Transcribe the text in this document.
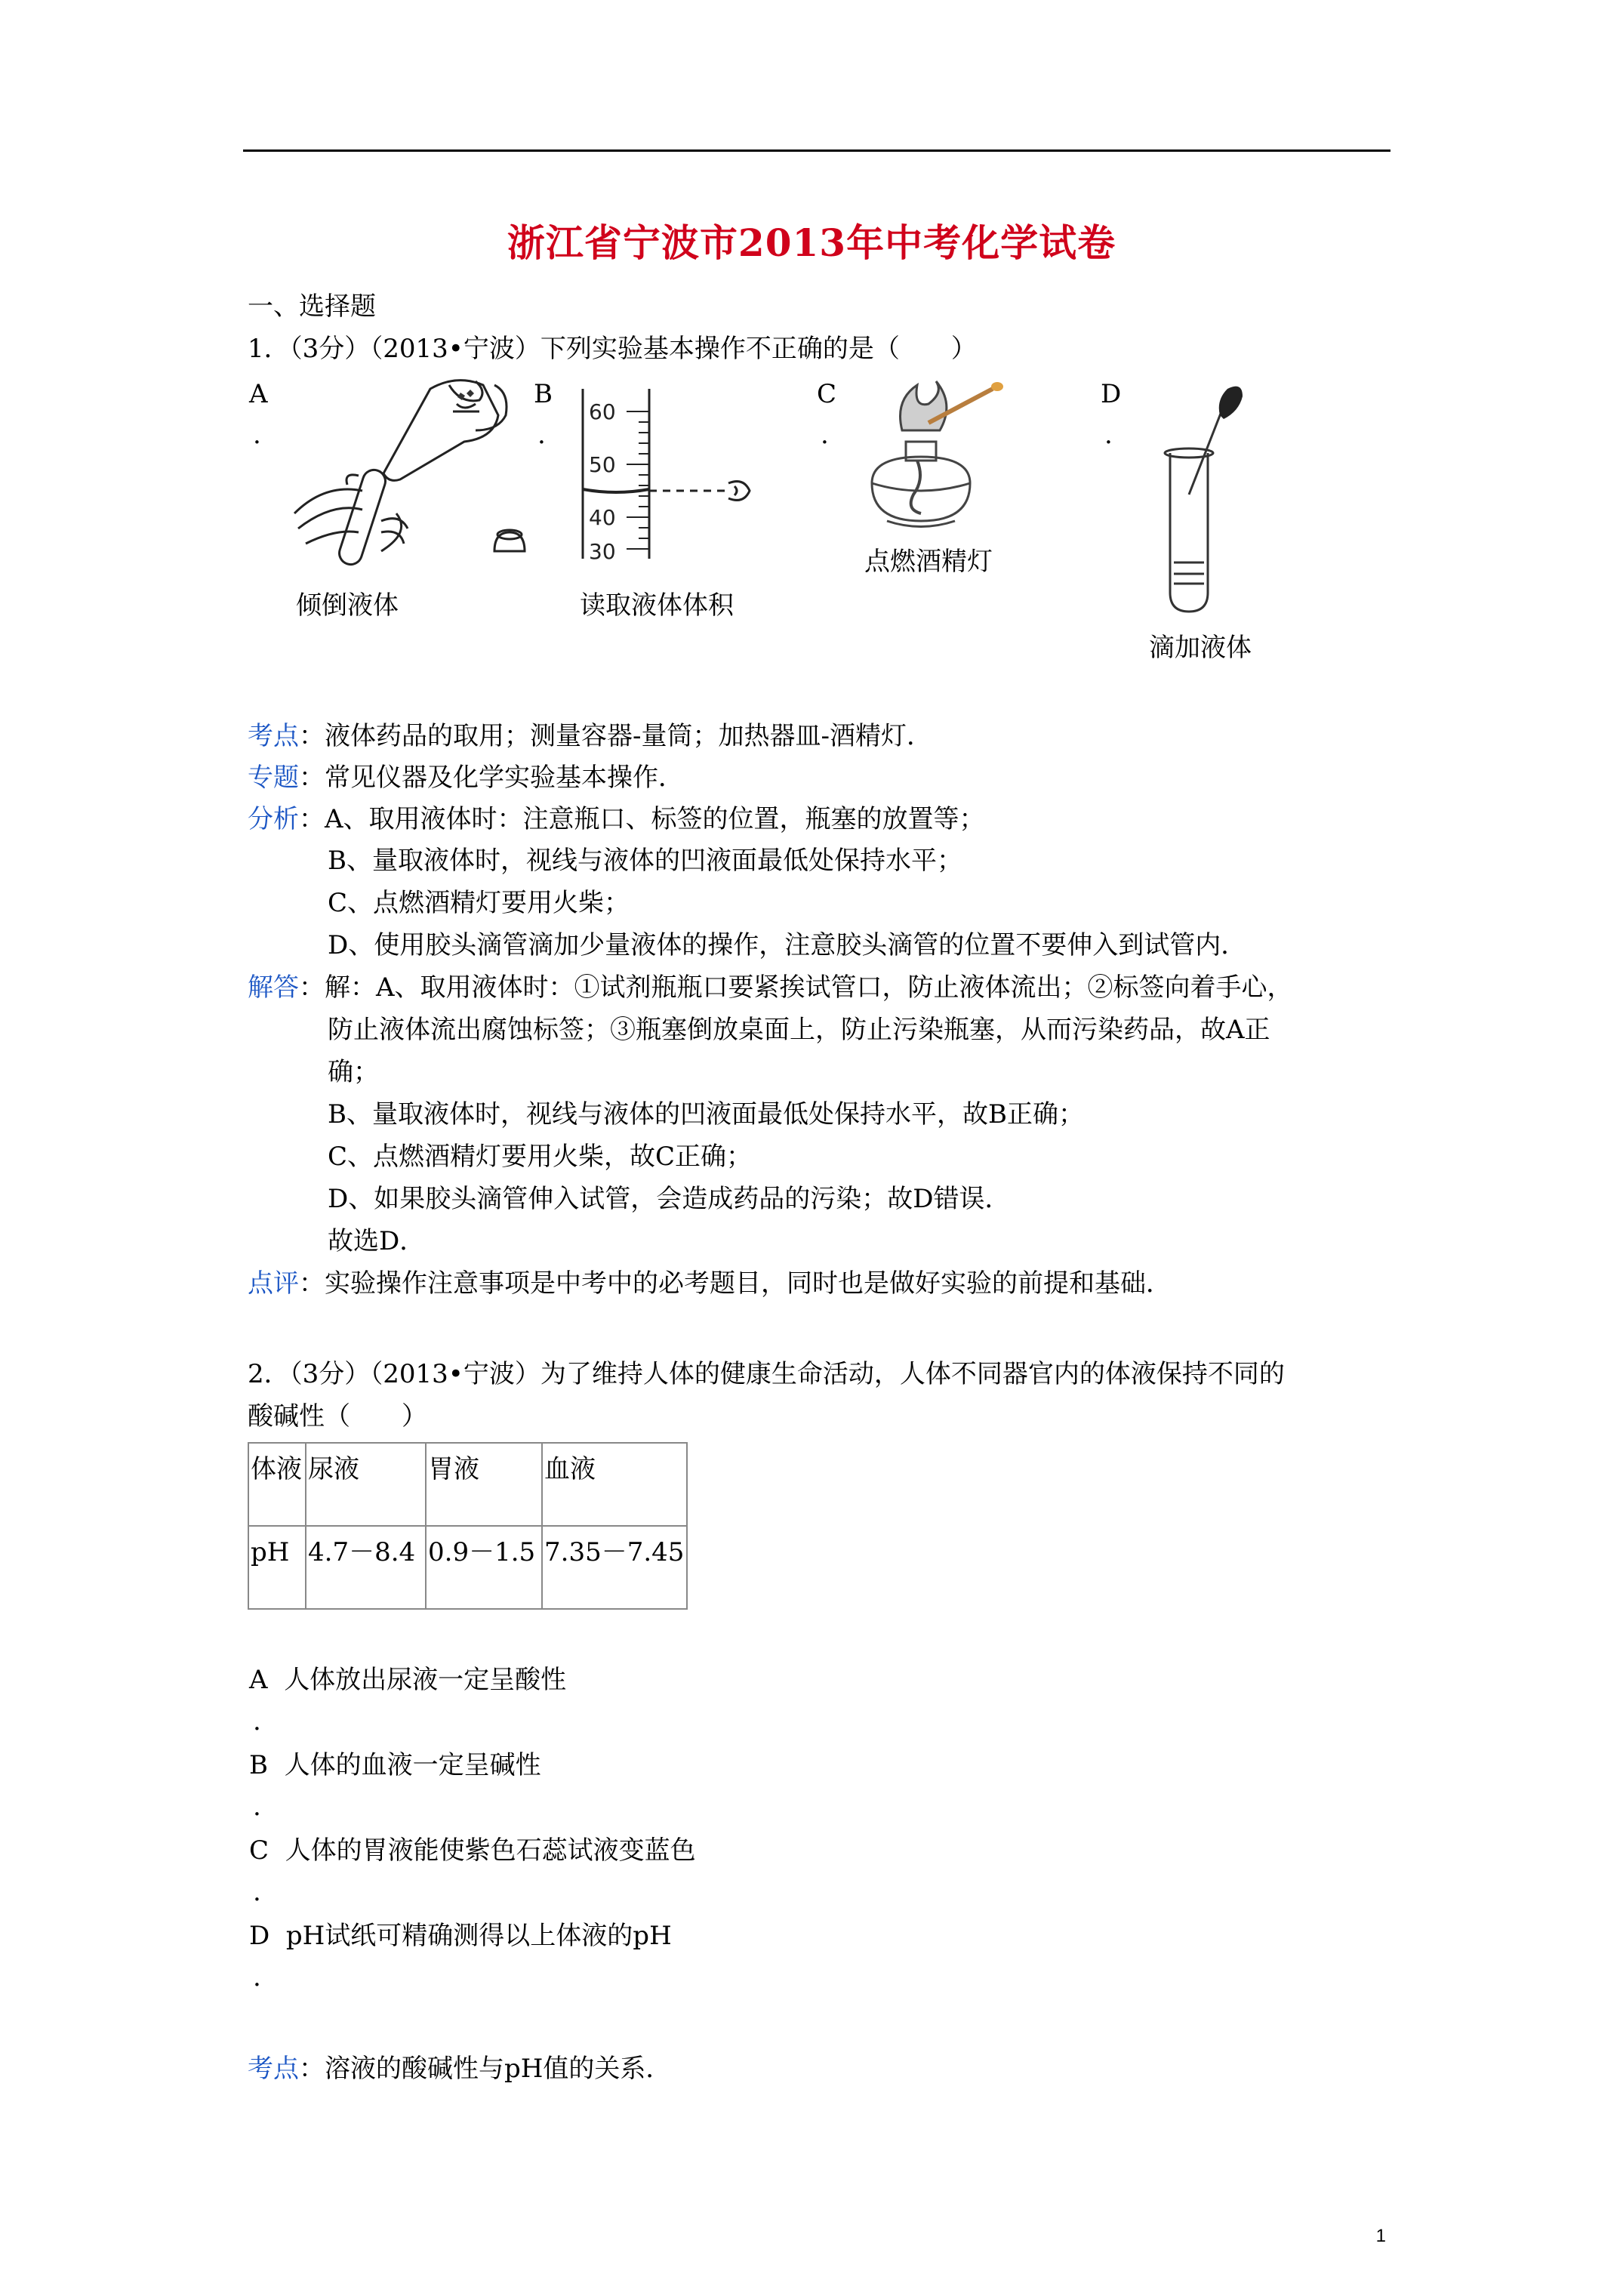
浙江省宁波市2013年中考化学试卷
一、选择题
1．（3分）（2013•宁波）下列实验基本操作不正确的是（　　）
A
.
B
.
C
.
D
.
倾倒液体
60
50
40
30
读取液体体积
点燃酒精灯
滴加液体
考点：液体药品的取用；测量容器-量筒；加热器皿-酒精灯．
专题：常见仪器及化学实验基本操作．
分析：A、取用液体时：注意瓶口、标签的位置，瓶塞的放置等；
B、量取液体时，视线与液体的凹液面最低处保持水平；
C、点燃酒精灯要用火柴；
D、使用胶头滴管滴加少量液体的操作，注意胶头滴管的位置不要伸入到试管内．
解答：解：A、取用液体时：①试剂瓶瓶口要紧挨试管口，防止液体流出；②标签向着手心，
防止液体流出腐蚀标签；③瓶塞倒放桌面上，防止污染瓶塞，从而污染药品，故A正
确；
B、量取液体时，视线与液体的凹液面最低处保持水平，故B正确；
C、点燃酒精灯要用火柴，故C正确；
D、如果胶头滴管伸入试管，会造成药品的污染；故D错误．
故选D．
点评：实验操作注意事项是中考中的必考题目，同时也是做好实验的前提和基础．
2．（3分）（2013•宁波）为了维持人体的健康生命活动，人体不同器官内的体液保持不同的
酸碱性（　　）
体液	尿液	胃液	血液
pH	4.7－8.4	0.9－1.5	7.35－7.45
A 人体放出尿液一定呈酸性
.
B 人体的血液一定呈碱性
.
C 人体的胃液能使紫色石蕊试液变蓝色
.
D pH试纸可精确测得以上体液的pH
.
考点：溶液的酸碱性与pH值的关系．
1
